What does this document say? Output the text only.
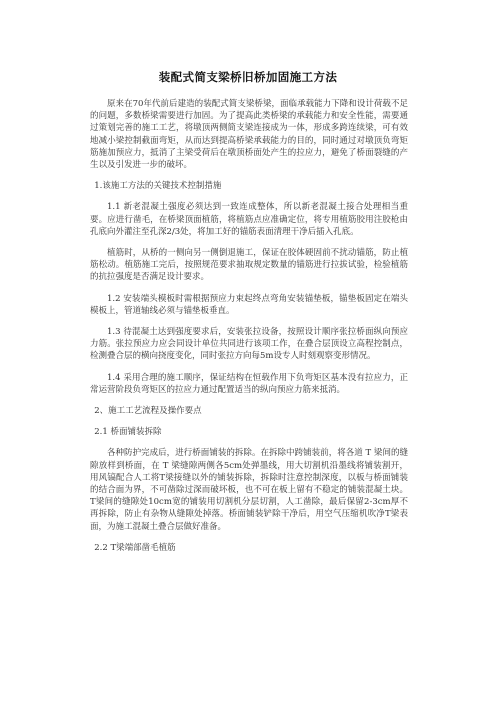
装配式简支梁桥旧桥加固施工方法

原来在70年代前后建造的装配式简支梁桥梁，面临承载能力下降和设计荷载不足的问题，多数桥梁需要进行加固。为了提高此类桥梁的承载能力和安全性能，需要通过策划完善的施工工艺，将墩顶两侧简支梁连接成为一体，形成多跨连续梁，可有效地减小梁控制截面弯矩，从而达到提高桥梁承载能力的目的，同时通过对墩顶负弯矩筋施加预应力，抵消了主梁受荷后在墩顶桥面处产生的拉应力，避免了桥面裂缝的产生以及引发进一步的破坏。

1.该施工方法的关键技术控制措施

1.1 新老混凝土强度必须达到一致连成整体，所以新老混凝土接合处理相当重要。应进行凿毛，在桥梁顶面植筋，将植筋点应准确定位，将专用植筋胶用注胶枪由孔底向外灌注至孔深2/3处，将加工好的锚筋表面清理干净后插入孔底。

植筋时，从桥的一侧向另一侧倒退施工，保证在胶体硬固前不扰动锚筋，防止植筋松动。植筋施工完后，按照规范要求抽取规定数量的锚筋进行拉拔试验，检验植筋的抗拉强度是否满足设计要求。

1.2 安装端头模板时需根据预应力束起终点弯角安装锚垫板，锚垫板固定在端头模板上，管道轴线必须与锚垫板垂直。

1.3 待混凝土达到强度要求后，安装张拉设备，按照设计顺序张拉桥面纵向预应力筋。张拉预应力应会同设计单位共同进行该项工作，在叠合层顶设立高程控制点，检测叠合层的横向挠度变化，同时张拉方向每5m设专人时刻观察变形情况。

1.4 采用合理的施工顺序，保证结构在恒载作用下负弯矩区基本没有拉应力，正常运营阶段负弯矩区的拉应力通过配置适当的纵向预应力筋来抵消。

2、施工工艺流程及操作要点

2.1 桥面铺装拆除

各种防护完成后，进行桥面铺装的拆除。在拆除中跨铺装前，将各道 T 梁间的缝隙放样到桥面，在 T 梁缝隙两侧各5cm处弹墨线，用大切割机沿墨线将铺装割开，用风镐配合人工将T梁接缝以外的铺装拆除，拆除时注意控制深度，以板与桥面铺装的结合面为界，不可凿除过深而破坏板，也不可在板上留有不稳定的铺装混凝土块。T梁间的缝隙处10cm宽的铺装用切割机分层切割，人工凿除，最后保留2-3cm厚不再拆除，防止有杂物从缝隙处掉落。桥面铺装铲除干净后，用空气压缩机吹净T梁表面，为施工混凝土叠合层做好准备。

2.2 T梁端部凿毛植筋
